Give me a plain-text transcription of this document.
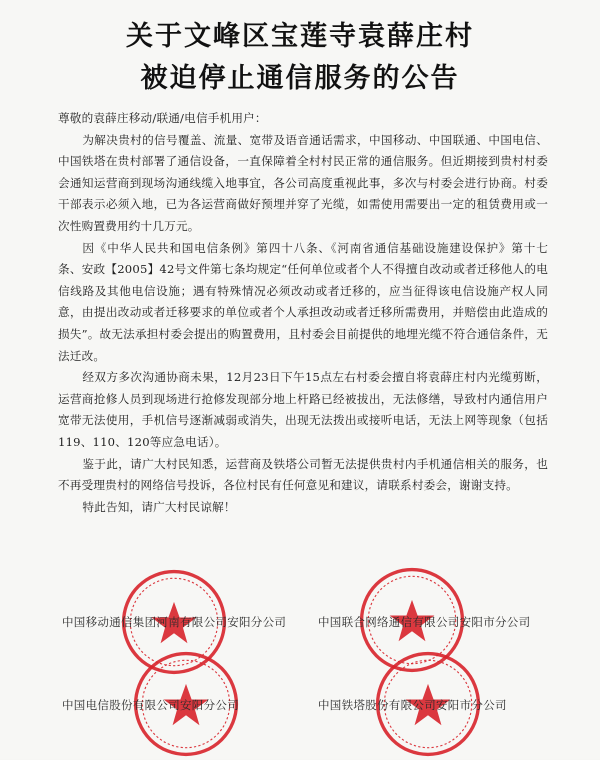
关于文峰区宝莲寺袁薛庄村
被迫停止通信服务的公告

尊敬的袁薛庄移动/联通/电信手机用户：

为解决贵村的信号覆盖、流量、宽带及语音通话需求，中国移动、中国联通、中国电信、中国铁塔在贵村部署了通信设备，一直保障着全村村民正常的通信服务。但近期接到贵村村委会通知运营商到现场沟通线缆入地事宜，各公司高度重视此事，多次与村委会进行协商。村委干部表示必须入地，已为各运营商做好预埋并穿了光缆，如需使用需要出一定的租赁费用或一次性购置费用约十几万元。

因《中华人民共和国电信条例》第四十八条、《河南省通信基础设施建设保护》第十七条、安政【2005】42号文件第七条均规定“任何单位或者个人不得擅自改动或者迁移他人的电信线路及其他电信设施；遇有特殊情况必须改动或者迁移的，应当征得该电信设施产权人同意，由提出改动或者迁移要求的单位或者个人承担改动或者迁移所需费用，并赔偿由此造成的损失”。故无法承担村委会提出的购置费用，且村委会目前提供的地埋光缆不符合通信条件，无法迁改。

经双方多次沟通协商未果，12月23日下午15点左右村委会擅自将袁薛庄村内光缆剪断，运营商抢修人员到现场进行抢修发现部分地上杆路已经被拔出，无法修缮，导致村内通信用户宽带无法使用，手机信号逐渐减弱或消失，出现无法拨出或接听电话，无法上网等现象（包括119、110、120等应急电话）。

鉴于此，请广大村民知悉，运营商及铁塔公司暂无法提供贵村内手机通信相关的服务，也不再受理贵村的网络信号投诉，各位村民有任何意见和建议，请联系村委会，谢谢支持。

特此告知，请广大村民谅解！

中国移动通信集团河南有限公司安阳分公司	中国联合网络通信有限公司安阳市分公司
中国电信股份有限公司安阳分公司	中国铁塔股份有限公司安阳市分公司
